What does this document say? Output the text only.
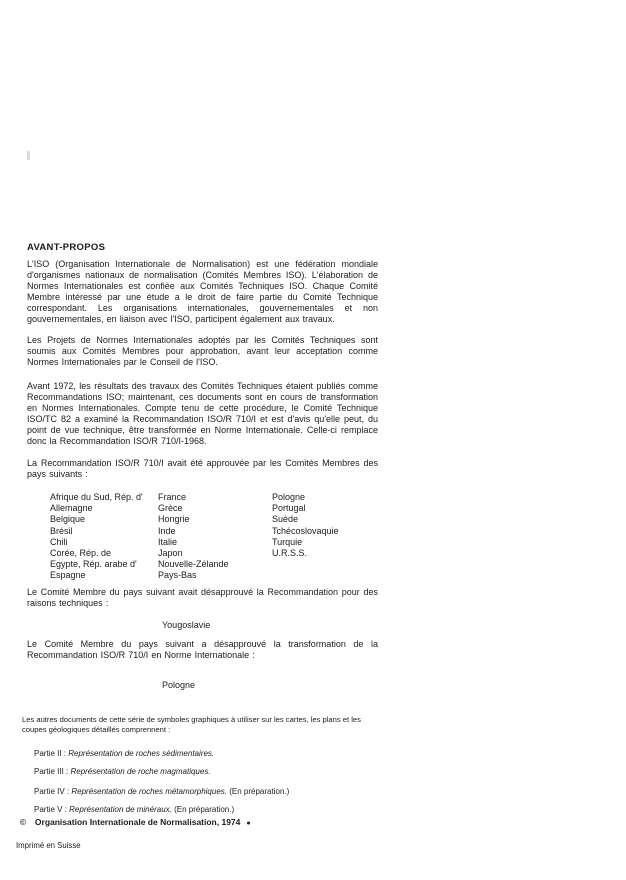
AVANT-PROPOS
L'ISO (Organisation Internationale de Normalisation) est une fédération mondiale d'organismes nationaux de normalisation (Comités Membres ISO). L'élaboration de Normes Internationales est confiée aux Comités Techniques ISO. Chaque Comité Membre intéressé par une étude a le droit de faire partie du Comité Technique correspondant. Les organisations internationales, gouvernementales et non gouvernementales, en liaison avec l'ISO, participent également aux travaux.
Les Projets de Normes Internationales adoptés par les Comités Techniques sont soumis aux Comités Membres pour approbation, avant leur acceptation comme Normes Internationales par le Conseil de l'ISO.
Avant 1972, les résultats des travaux des Comités Techniques étaient publiés comme Recommandations ISO; maintenant, ces documents sont en cours de transformation en Normes Internationales. Compte tenu de cette procédure, le Comité Technique ISO/TC 82 a examiné la Recommandation ISO/R 710/I et est d'avis qu'elle peut, du point de vue technique, être transformée en Norme Internationale. Celle-ci remplace donc la Recommandation ISO/R 710/I-1968.
La Recommandation ISO/R 710/I avait été approuvée par les Comités Membres des pays suivants :
Afrique du Sud, Rép. d'
Allemagne
Belgique
Brésil
Chili
Corée, Rép. de
Egypte, Rép. arabe d'
Espagne
France
Grèce
Hongrie
Inde
Italie
Japon
Nouvelle-Zélande
Pays-Bas
Pologne
Portugal
Suède
Tchécoslovaquie
Turquie
U.R.S.S.
Le Comité Membre du pays suivant avait désapprouvé la Recommandation pour des raisons techniques :
Yougoslavie
Le Comité Membre du pays suivant a désapprouvé la transformation de la Recommandation ISO/R 710/I en Norme Internationale :
Pologne
Les autres documents de cette série de symboles graphiques à utiliser sur les cartes, les plans et les coupes géologiques détaillés comprennent :
Partie II : Représentation de roches sédimentaires.
Partie III : Représentation de roche magmatiques.
Partie IV : Représentation de roches métamorphiques. (En préparation.)
Partie V : Représentation de minéraux. (En préparation.)
© Organisation Internationale de Normalisation, 1974 ●
Imprimé en Suisse
